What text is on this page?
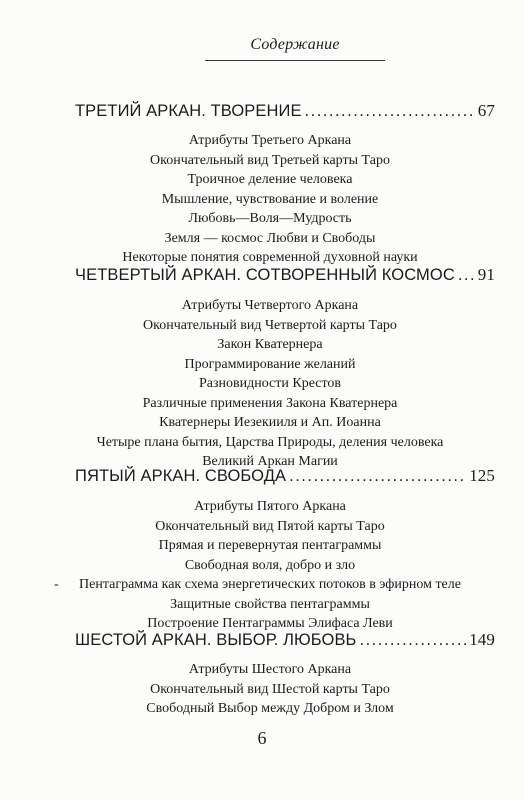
Содержание
ТРЕТИЙ АРКАН. ТВОРЕНИЕ .....	67
Атрибуты Третьего Аркана
Окончательный вид Третьей карты Таро
Троичное деление человека
Мышление, чувствование и воление
Любовь—Воля—Мудрость
Земля — космос Любви и Свободы
Некоторые понятия современной духовной науки
ЧЕТВЕРТЫЙ АРКАН. СОТВОРЕННЫЙ КОСМОС ..... 91
Атрибуты Четвертого Аркана
Окончательный вид Четвертой карты Таро
Закон Кватернера
Программирование желаний
Разновидности Крестов
Различные применения Закона Кватернера
Кватернеры Иезекииля и Ап. Иоанна
Четыре плана бытия, Царства Природы, деления человека
Великий Аркан Магии
ПЯТЫЙ АРКАН. СВОБОДА .....	125
Атрибуты Пятого Аркана
Окончательный вид Пятой карты Таро
Прямая и перевернутая пентаграммы
Свободная воля, добро и зло
- Пентаграмма как схема энергетических потоков в эфирном теле
Защитные свойства пентаграммы
Построение Пентаграммы Элифаса Леви
ШЕСТОЙ АРКАН. ВЫБОР. ЛЮБОВЬ .....	149
Атрибуты Шестого Аркана
Окончательный вид Шестой карты Таро
Свободный Выбор между Добром и Злом
6
